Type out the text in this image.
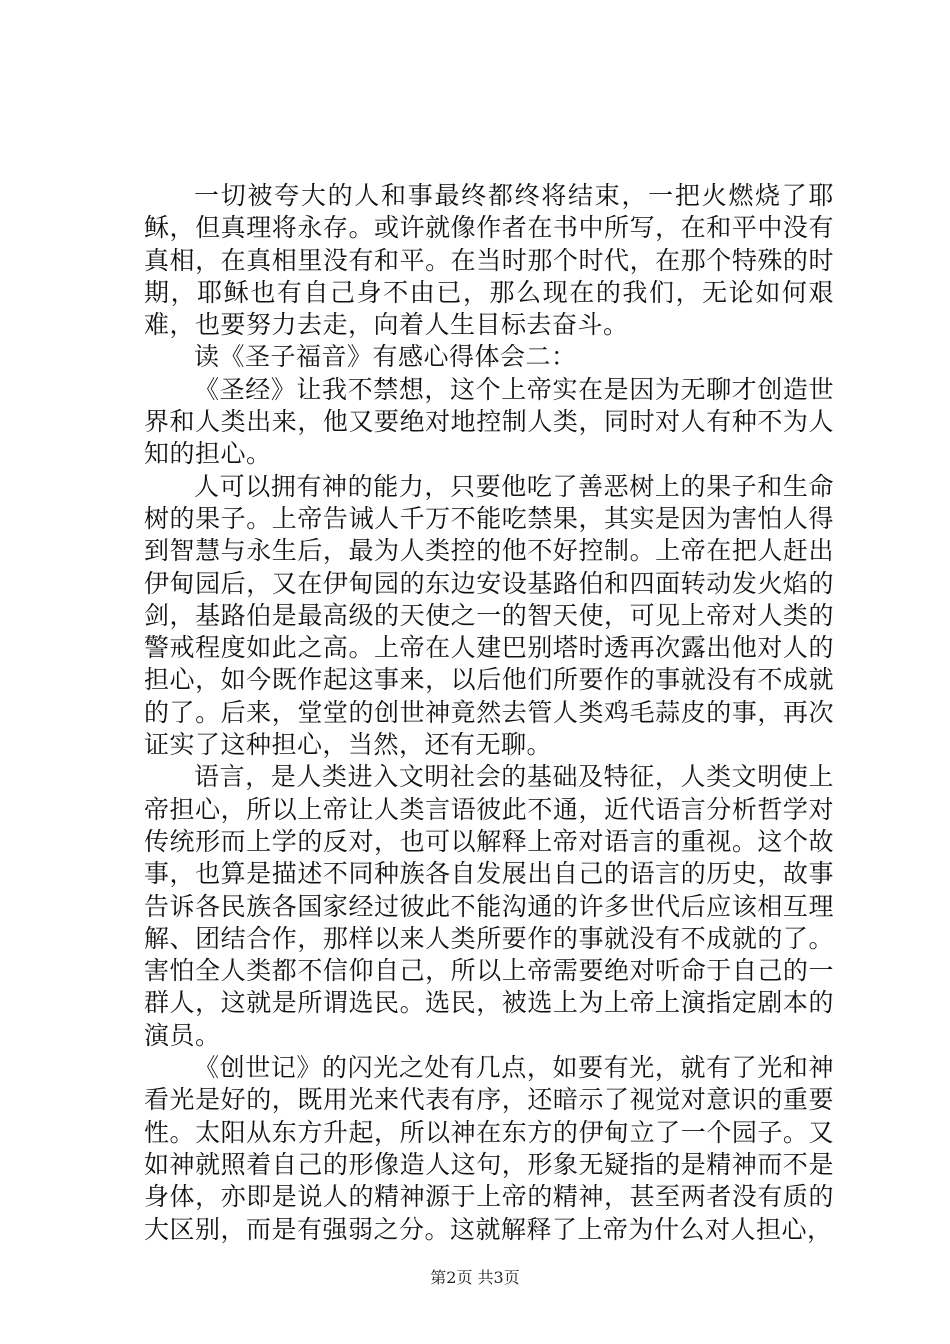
一切被夸大的人和事最终都终将结束，一把火燃烧了耶稣，但真理将永存。或许就像作者在书中所写，在和平中没有真相，在真相里没有和平。在当时那个时代，在那个特殊的时期，耶稣也有自己身不由已，那么现在的我们，无论如何艰难，也要努力去走，向着人生目标去奋斗。

读《圣子福音》有感心得体会二：

《圣经》让我不禁想，这个上帝实在是因为无聊才创造世界和人类出来，他又要绝对地控制人类，同时对人有种不为人知的担心。

人可以拥有神的能力，只要他吃了善恶树上的果子和生命树的果子。上帝告诫人千万不能吃禁果，其实是因为害怕人得到智慧与永生后，最为人类控的他不好控制。上帝在把人赶出伊甸园后，又在伊甸园的东边安设基路伯和四面转动发火焰的剑，基路伯是最高级的天使之一的智天使，可见上帝对人类的警戒程度如此之高。上帝在人建巴别塔时透再次露出他对人的担心，如今既作起这事来，以后他们所要作的事就没有不成就的了。后来，堂堂的创世神竟然去管人类鸡毛蒜皮的事，再次证实了这种担心，当然，还有无聊。

语言，是人类进入文明社会的基础及特征，人类文明使上帝担心，所以上帝让人类言语彼此不通，近代语言分析哲学对传统形而上学的反对，也可以解释上帝对语言的重视。这个故事，也算是描述不同种族各自发展出自己的语言的历史，故事告诉各民族各国家经过彼此不能沟通的许多世代后应该相互理解、团结合作，那样以来人类所要作的事就没有不成就的了。害怕全人类都不信仰自己，所以上帝需要绝对听命于自己的一群人，这就是所谓选民。选民，被选上为上帝上演指定剧本的演员。

《创世记》的闪光之处有几点，如要有光，就有了光和神看光是好的，既用光来代表有序，还暗示了视觉对意识的重要性。太阳从东方升起，所以神在东方的伊甸立了一个园子。又如神就照着自己的形像造人这句，形象无疑指的是精神而不是身体，亦即是说人的精神源于上帝的精神，甚至两者没有质的大区别，而是有强弱之分。这就解释了上帝为什么对人担心，

第2页 共3页
